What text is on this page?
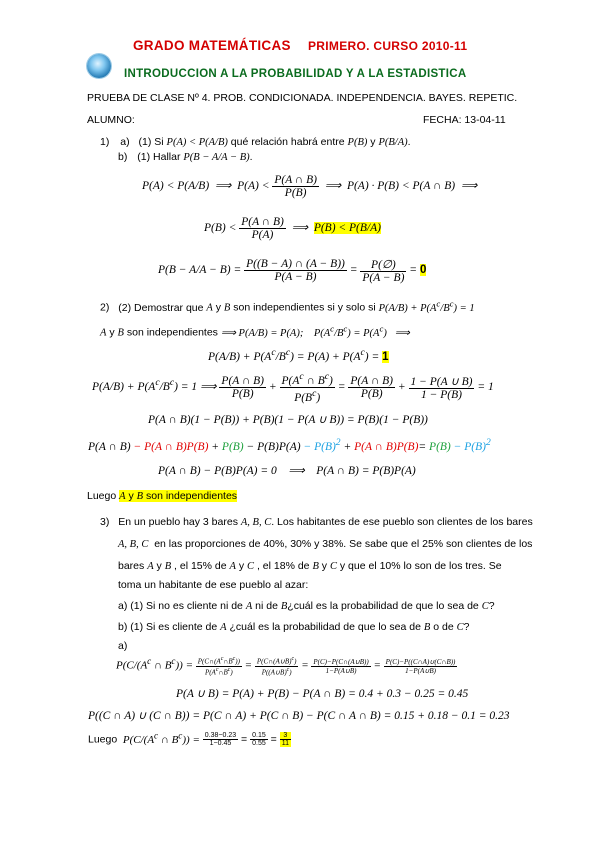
GRADO MATEMÁTICAS PRIMERO. CURSO 2010-11
INTRODUCCION A LA PROBABILIDAD Y A LA ESTADISTICA
PRUEBA DE CLASE Nº 4. PROB. CONDICIONADA. INDEPENDENCIA. BAYES. REPETIC.
ALUMNO:	FECHA: 13-04-11
1) a) (1) Si P(A) < P(A/B) qué relación habrá entre P(B) y P(B/A).
b) (1) Hallar P(B − A/A − B).
P(A) < P(A/B)  ⟹  $P(A) < \frac{P(A \cap B)}{P(B)}$ ⟹  P(A) · P(B) < P(A ∩ B)  ⟹
$P(B) < \frac{P(A \cap B)}{P(A)}$ ⟹  P(B) < P(B/A)
$P(B - A/A - B) = \frac{P((B - A) \cap (A - B))}{P(A - B)} = \frac{P(\emptyset)}{P(A - B)} = 0$
2) (2) Demostrar que A y B son independientes si y solo si $P(A/B) + P(A^c/B^c) = 1$
A y B son independientes ⟹ P(A/B) = P(A);    $P(A^c/B^c) = P(A^c)$   ⟹
$P(A/B) + P(A^c/B^c) = P(A) + P(A^c) = 1$
$P(A/B) + P(A^c/B^c) = 1$ ⟹ $\frac{P(A \cap B)}{P(B)} + \frac{P(A^c \cap B^c)}{P(B^c)} = \frac{P(A \cap B)}{P(B)} + \frac{1 - P(A \cup B)}{1 - P(B)} = 1$
P(A ∩ B)(1 − P(B)) + P(B)(1 − P(A ∪ B)) = P(B)(1 − P(B))
P(A ∩ B) − P(A ∩ $B)P(B) + P(B) - P(B)P(A) - P(B)^2 + P(A$ ∩ $B)P(B)= P(B) - P(B)^2$
P(A ∩ B) − P(B)P(A) = 0    ⟹    P(A ∩ B) = P(B)P(A)
Luego A y B son independientes
3) En un pueblo hay 3 bares A, B, C. Los habitantes de ese pueblo son clientes de los bares
A, B, C en las proporciones de 40%, 30% y 38%. Se sabe que el 25% son clientes de los
bares A y B , el 15% de A y C , el 18% de B y C y que el 10% lo son de los tres. Se
toma un habitante de ese pueblo al azar:
a) (1) Si no es cliente ni de A ni de B¿cuál es la probabilidad de que lo sea de C?
b) (1) Si es cliente de A ¿cuál es la probabilidad de que lo sea de B o de C?
a)
$P(C/(A^c$ ∩ $B^c)) = \frac{P(C\cap(A^c\cap B^c))}{P(A^c\cap B^c)} = \frac{P(C\cap(A\cup B)^c)}{P((A\cup B)^c)} = \frac{P(C)-P(C\cap(A\cup B))}{1-P(A\cup B)} = \frac{P(C)-P((C\cap A)\cup(C\cap B))}{1-P(A\cup B)}$
P(A ∪ B) = P(A) + P(B) − P(A ∩ B) = 0.4 + 0.3 − 0.25 = 0.45
P((C ∩ A) ∪ (C ∩ B)) = P(C ∩ A) + P(C ∩ B) − P(C ∩ A ∩ B) = 0.15 + 0.18 − 0.1 = 0.23
Luego  $P(C/(A^c$ ∩ $B^c)) = \frac{0.38-0.23}{1-0.45} = \frac{0.15}{0.55} = \frac{3}{11}$
